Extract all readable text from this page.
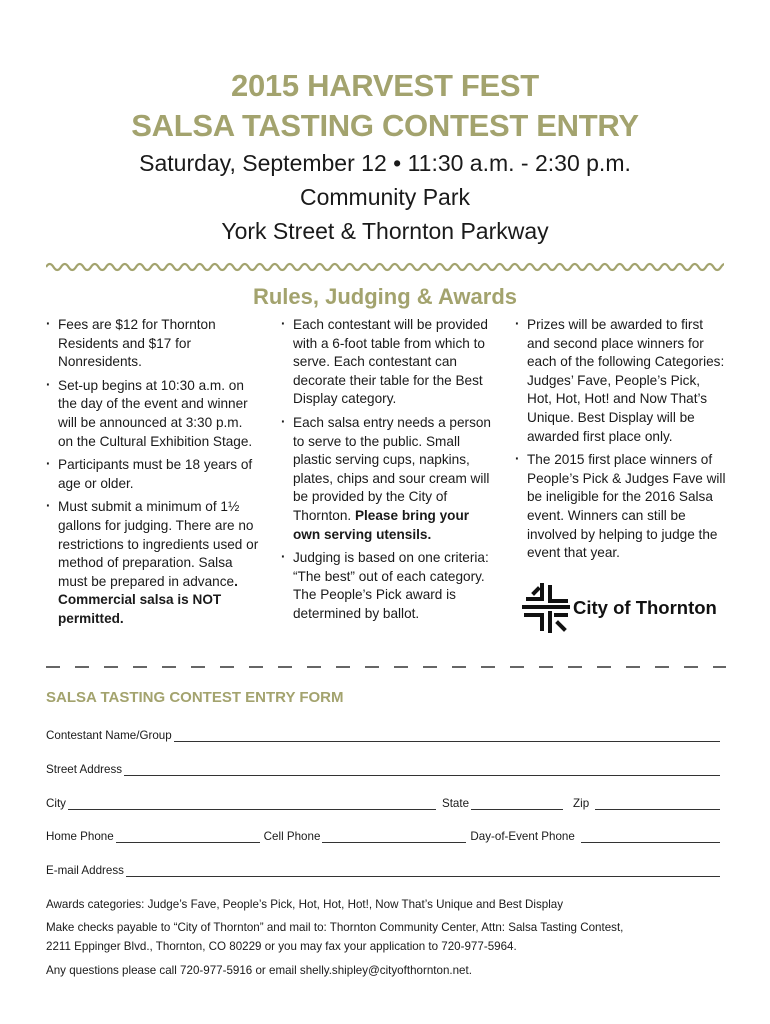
2015 HARVEST FEST
SALSA TASTING CONTEST ENTRY
Saturday, September 12 • 11:30 a.m. - 2:30 p.m.
Community Park
York Street & Thornton Parkway
Rules, Judging & Awards
· Fees are $12 for Thornton Residents and $17 for Nonresidents.
· Set-up begins at 10:30 a.m. on the day of the event and winner will be announced at 3:30 p.m. on the Cultural Exhibition Stage.
· Participants must be 18 years of age or older.
· Must submit a minimum of 1½ gallons for judging. There are no restrictions to ingredients used or method of preparation. Salsa must be prepared in advance. Commercial salsa is NOT permitted.
· Each contestant will be provided with a 6-foot table from which to serve. Each contestant can decorate their table for the Best Display category.
· Each salsa entry needs a person to serve to the public. Small plastic serving cups, napkins, plates, chips and sour cream will be provided by the City of Thornton. Please bring your own serving utensils.
· Judging is based on one criteria: “The best” out of each category. The People’s Pick award is determined by ballot.
· Prizes will be awarded to first and second place winners for each of the following Categories: Judges’ Fave, People’s Pick, Hot, Hot, Hot! and Now That’s Unique. Best Display will be awarded first place only.
· The 2015 first place winners of People’s Pick & Judges Fave will be ineligible for the 2016 Salsa event. Winners can still be involved by helping to judge the event that year.
City of Thornton
SALSA TASTING CONTEST ENTRY FORM
Contestant Name/Group
Street Address
City	State	Zip
Home Phone	Cell Phone	Day-of-Event Phone
E-mail Address
Awards categories: Judge’s Fave, People’s Pick, Hot, Hot, Hot!, Now That’s Unique and Best Display
Make checks payable to “City of Thornton” and mail to: Thornton Community Center, Attn: Salsa Tasting Contest,
2211 Eppinger Blvd., Thornton, CO 80229 or you may fax your application to 720-977-5964.
Any questions please call 720-977-5916 or email shelly.shipley@cityofthornton.net.
